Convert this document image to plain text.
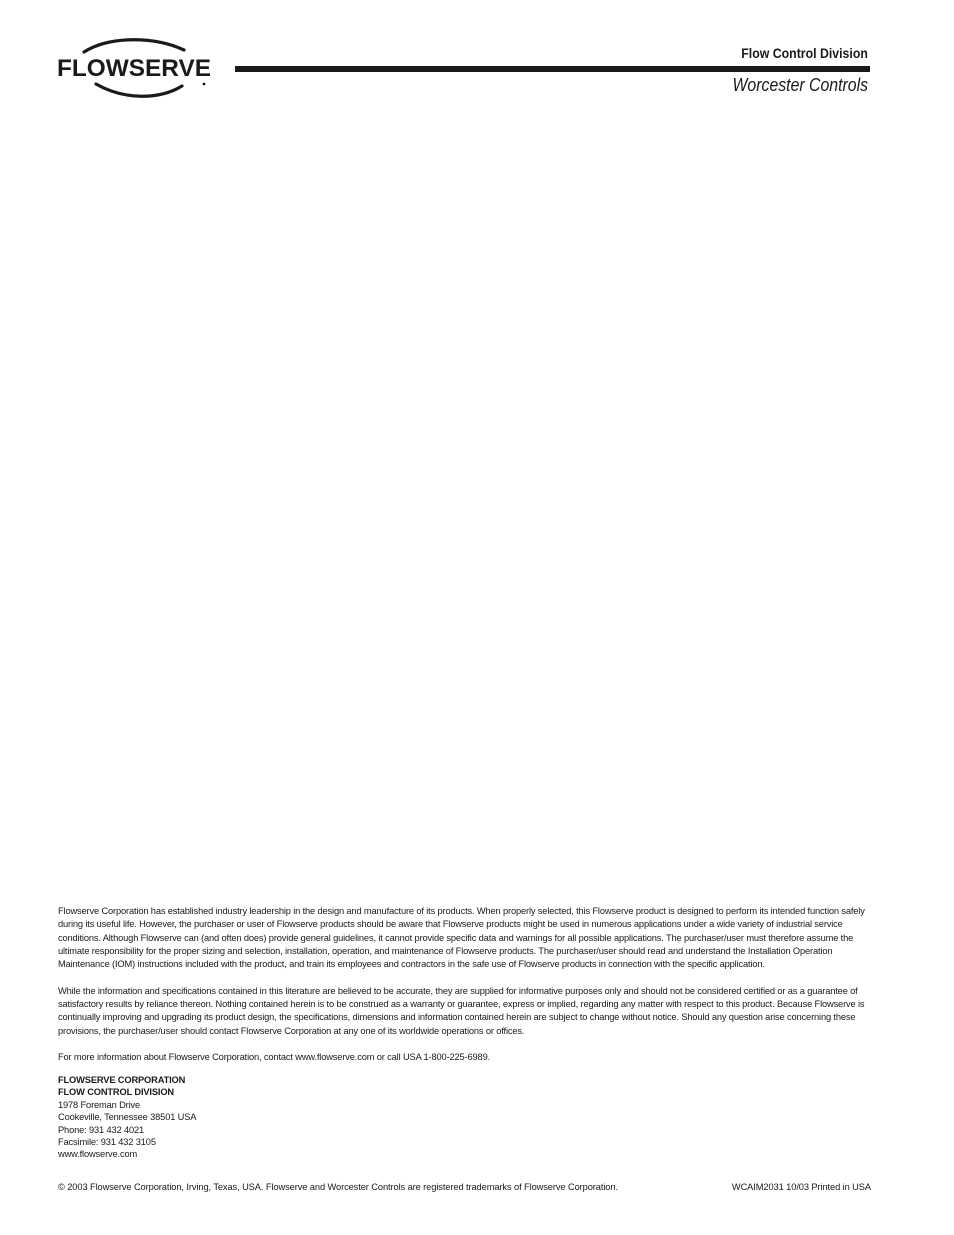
FLOWSERVE
Flow Control Division
Worcester Controls

Flowserve Corporation has established industry leadership in the design and manufacture of its products. When properly selected, this Flowserve product is designed to perform its intended function safely during its useful life. However, the purchaser or user of Flowserve products should be aware that Flowserve products might be used in numerous applications under a wide variety of industrial service conditions. Although Flowserve can (and often does) provide general guidelines, it cannot provide specific data and warnings for all possible applications. The purchaser/user must therefore assume the ultimate responsibility for the proper sizing and selection, installation, operation, and maintenance of Flowserve products. The purchaser/user should read and understand the Installation Operation Maintenance (IOM) instructions included with the product, and train its employees and contractors in the safe use of Flowserve products in connection with the specific application.

While the information and specifications contained in this literature are believed to be accurate, they are supplied for informative purposes only and should not be considered certified or as a guarantee of satisfactory results by reliance thereon. Nothing contained herein is to be construed as a warranty or guarantee, express or implied, regarding any matter with respect to this product. Because Flowserve is continually improving and upgrading its product design, the specifications, dimensions and information contained herein are subject to change without notice. Should any question arise concerning these provisions, the purchaser/user should contact Flowserve Corporation at any one of its worldwide operations or offices.

For more information about Flowserve Corporation, contact www.flowserve.com or call USA 1-800-225-6989.

FLOWSERVE CORPORATION
FLOW CONTROL DIVISION
1978 Foreman Drive
Cookeville, Tennessee 38501 USA
Phone: 931 432 4021
Facsimile: 931 432 3105
www.flowserve.com
© 2003 Flowserve Corporation, Irving, Texas, USA. Flowserve and Worcester Controls are registered trademarks of Flowserve Corporation.	WCAIM2031 10/03 Printed in USA
